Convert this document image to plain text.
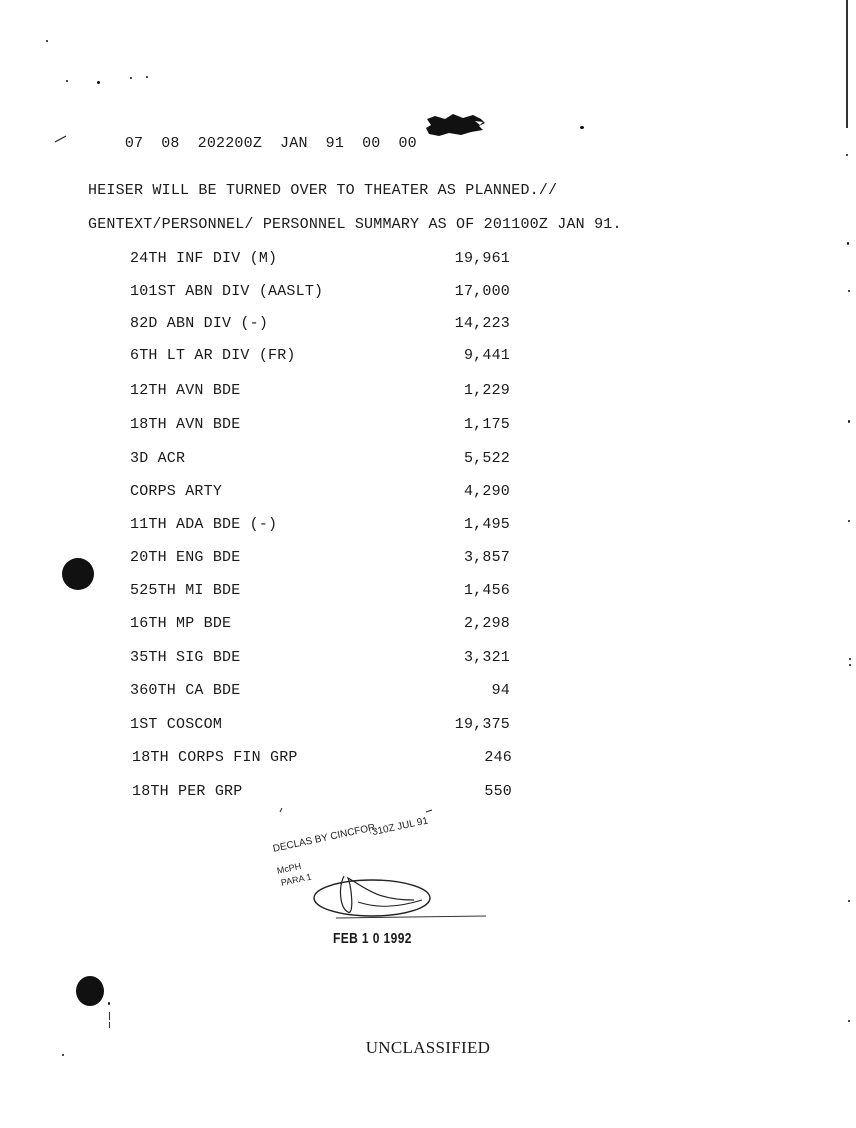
07 08 202200Z JAN 91 00 00

HEISER WILL BE TURNED OVER TO THEATER AS PLANNED.//
GENTEXT/PERSONNEL/ PERSONNEL SUMMARY AS OF 201100Z JAN 91.
24TH INF DIV (M)	19,961
101ST ABN DIV (AASLT)	17,000
82D ABN DIV (-)	14,223
6TH LT AR DIV (FR)	9,441
12TH AVN BDE	1,229
18TH AVN BDE	1,175
3D ACR	5,522
CORPS ARTY	4,290
11TH ADA BDE (-)	1,495
20TH ENG BDE	3,857
525TH MI BDE	1,456
16TH MP BDE	2,298
35TH SIG BDE	3,321
360TH CA BDE	94
1ST COSCOM	19,375
18TH CORPS FIN GRP	246
18TH PER GRP	550
DECLAS BY CINCFOR
·310Z JUL 91
McPH
PARA 1
FEB 1 0 1992
UNCLASSIFIED
